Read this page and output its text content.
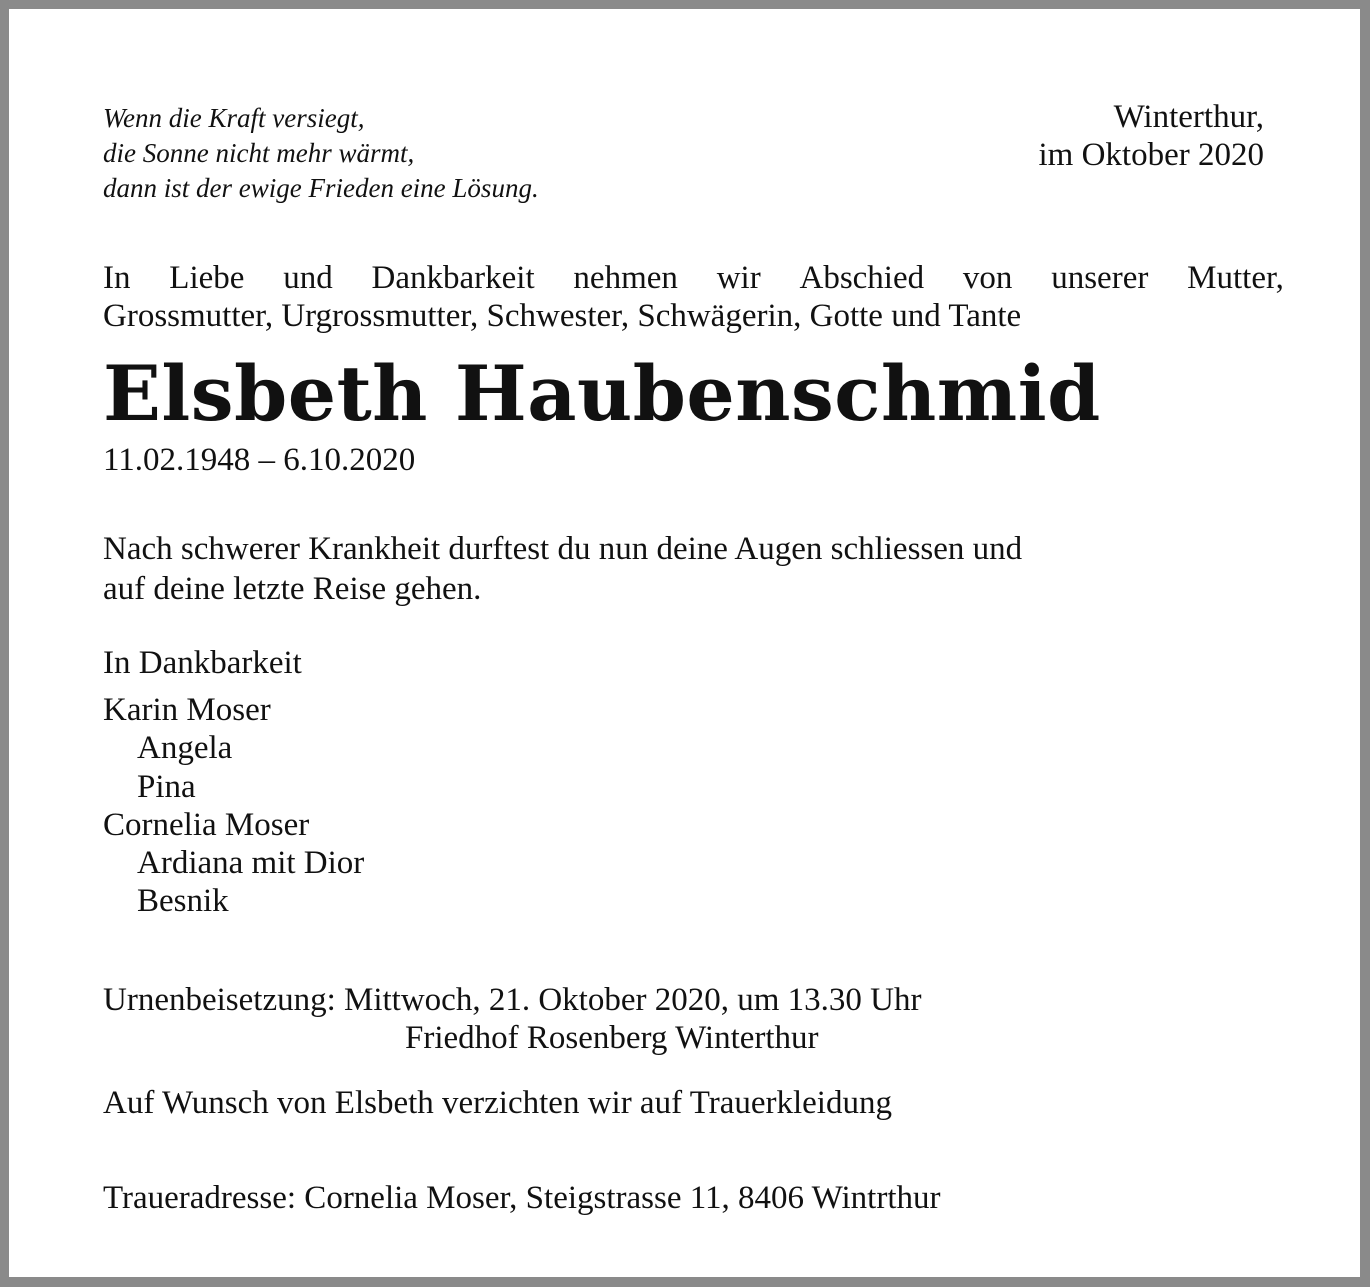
Wenn die Kraft versiegt,
die Sonne nicht mehr wärmt,
dann ist der ewige Frieden eine Lösung.
Winterthur,
im Oktober 2020
In Liebe und Dankbarkeit nehmen wir Abschied von unserer Mutter,
Grossmutter, Urgrossmutter, Schwester, Schwägerin, Gotte und Tante
Elsbeth Haubenschmid
11.02.1948 – 6.10.2020
Nach schwerer Krankheit durftest du nun deine Augen schliessen und
auf deine letzte Reise gehen.
In Dankbarkeit
Karin Moser
Angela
Pina
Cornelia Moser
Ardiana mit Dior
Besnik
Urnenbeisetzung: Mittwoch, 21. Oktober 2020, um 13.30 Uhr
Friedhof Rosenberg Winterthur
Auf Wunsch von Elsbeth verzichten wir auf Trauerkleidung
Traueradresse: Cornelia Moser, Steigstrasse 11, 8406 Wintrthur
